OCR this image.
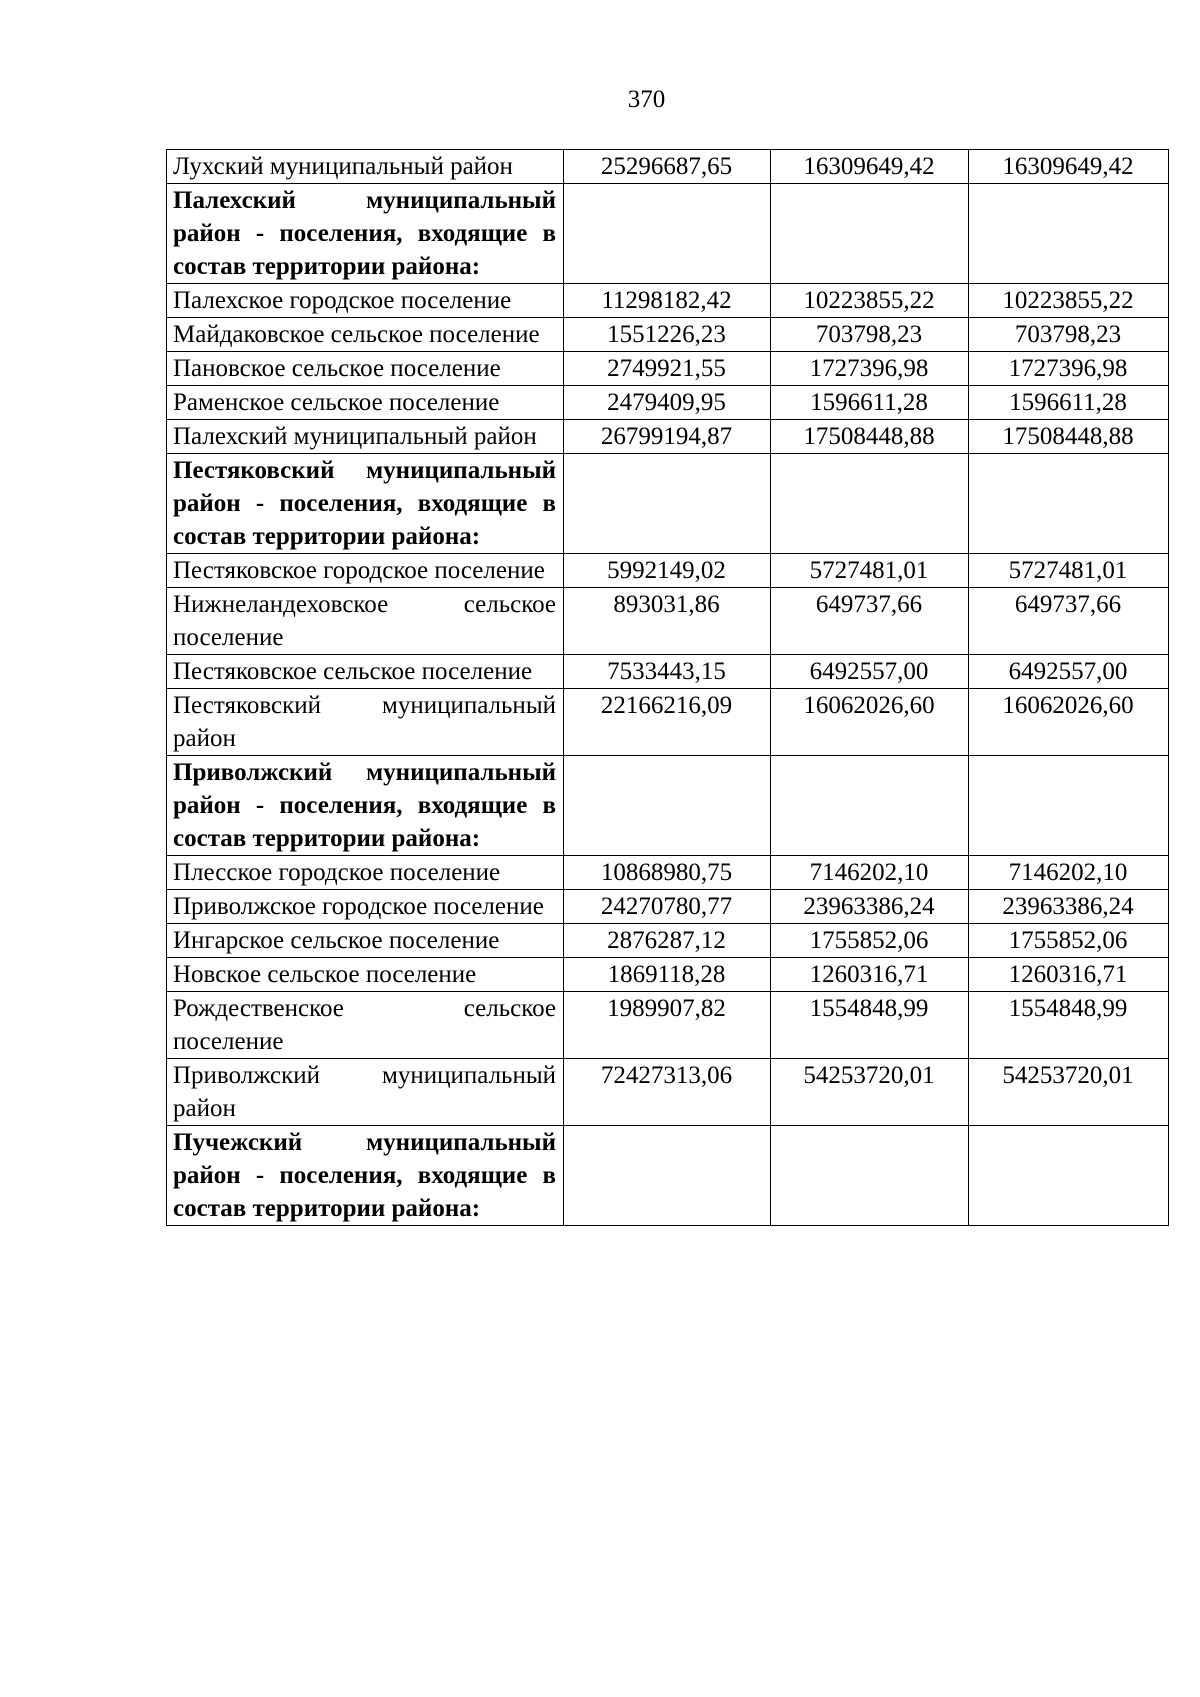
370
Лухский муниципальный район	25296687,65	16309649,42	16309649,42
Палехский муниципальный район - поселения, входящие в состав территории района:			
Палехское городское поселение	11298182,42	10223855,22	10223855,22
Майдаковское сельское поселение	1551226,23	703798,23	703798,23
Пановское сельское поселение	2749921,55	1727396,98	1727396,98
Раменское сельское поселение	2479409,95	1596611,28	1596611,28
Палехский муниципальный район	26799194,87	17508448,88	17508448,88
Пестяковский муниципальный район - поселения, входящие в состав территории района:			
Пестяковское городское поселение	5992149,02	5727481,01	5727481,01
Нижнеландеховское сельское поселение	893031,86	649737,66	649737,66
Пестяковское сельское поселение	7533443,15	6492557,00	6492557,00
Пестяковский муниципальный район	22166216,09	16062026,60	16062026,60
Приволжский муниципальный район - поселения, входящие в состав территории района:			
Плесское городское поселение	10868980,75	7146202,10	7146202,10
Приволжское городское поселение	24270780,77	23963386,24	23963386,24
Ингарское сельское поселение	2876287,12	1755852,06	1755852,06
Новское сельское поселение	1869118,28	1260316,71	1260316,71
Рождественское сельское поселение	1989907,82	1554848,99	1554848,99
Приволжский муниципальный район	72427313,06	54253720,01	54253720,01
Пучежский муниципальный район - поселения, входящие в состав территории района:			
